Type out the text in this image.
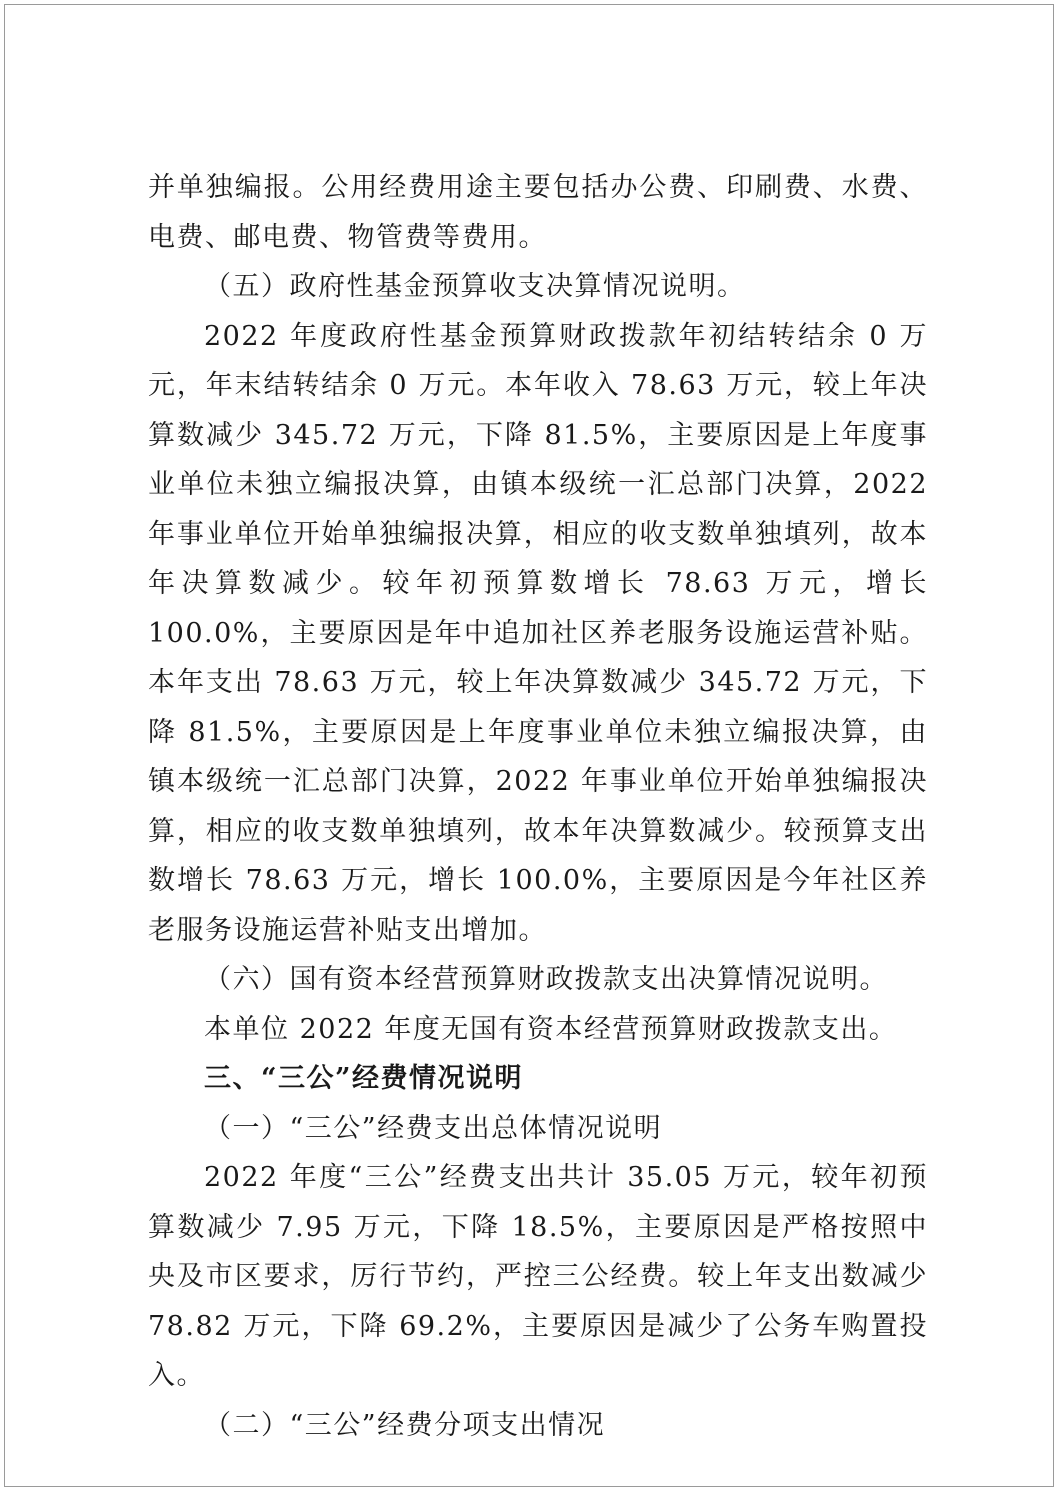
并单独编报。公用经费用途主要包括办公费、印刷费、水费、电费、邮电费、物管费等费用。

（五）政府性基金预算收支决算情况说明。

2022 年度政府性基金预算财政拨款年初结转结余 0 万元，年末结转结余 0 万元。本年收入 78.63 万元，较上年决算数减少 345.72 万元，下降 81.5%，主要原因是上年度事业单位未独立编报决算，由镇本级统一汇总部门决算，2022 年事业单位开始单独编报决算，相应的收支数单独填列，故本年决算数减少。较年初预算数增长 78.63 万元，增长 100.0%，主要原因是年中追加社区养老服务设施运营补贴。本年支出 78.63 万元，较上年决算数减少 345.72 万元，下降 81.5%，主要原因是上年度事业单位未独立编报决算，由镇本级统一汇总部门决算，2022 年事业单位开始单独编报决算，相应的收支数单独填列，故本年决算数减少。较预算支出数增长 78.63 万元，增长 100.0%，主要原因是今年社区养老服务设施运营补贴支出增加。

（六）国有资本经营预算财政拨款支出决算情况说明。

本单位 2022 年度无国有资本经营预算财政拨款支出。

三、“三公”经费情况说明

（一）“三公”经费支出总体情况说明

2022 年度“三公”经费支出共计 35.05 万元，较年初预算数减少 7.95 万元，下降 18.5%，主要原因是严格按照中央及市区要求，厉行节约，严控三公经费。较上年支出数减少 78.82 万元，下降 69.2%，主要原因是减少了公务车购置投入。

（二）“三公”经费分项支出情况
